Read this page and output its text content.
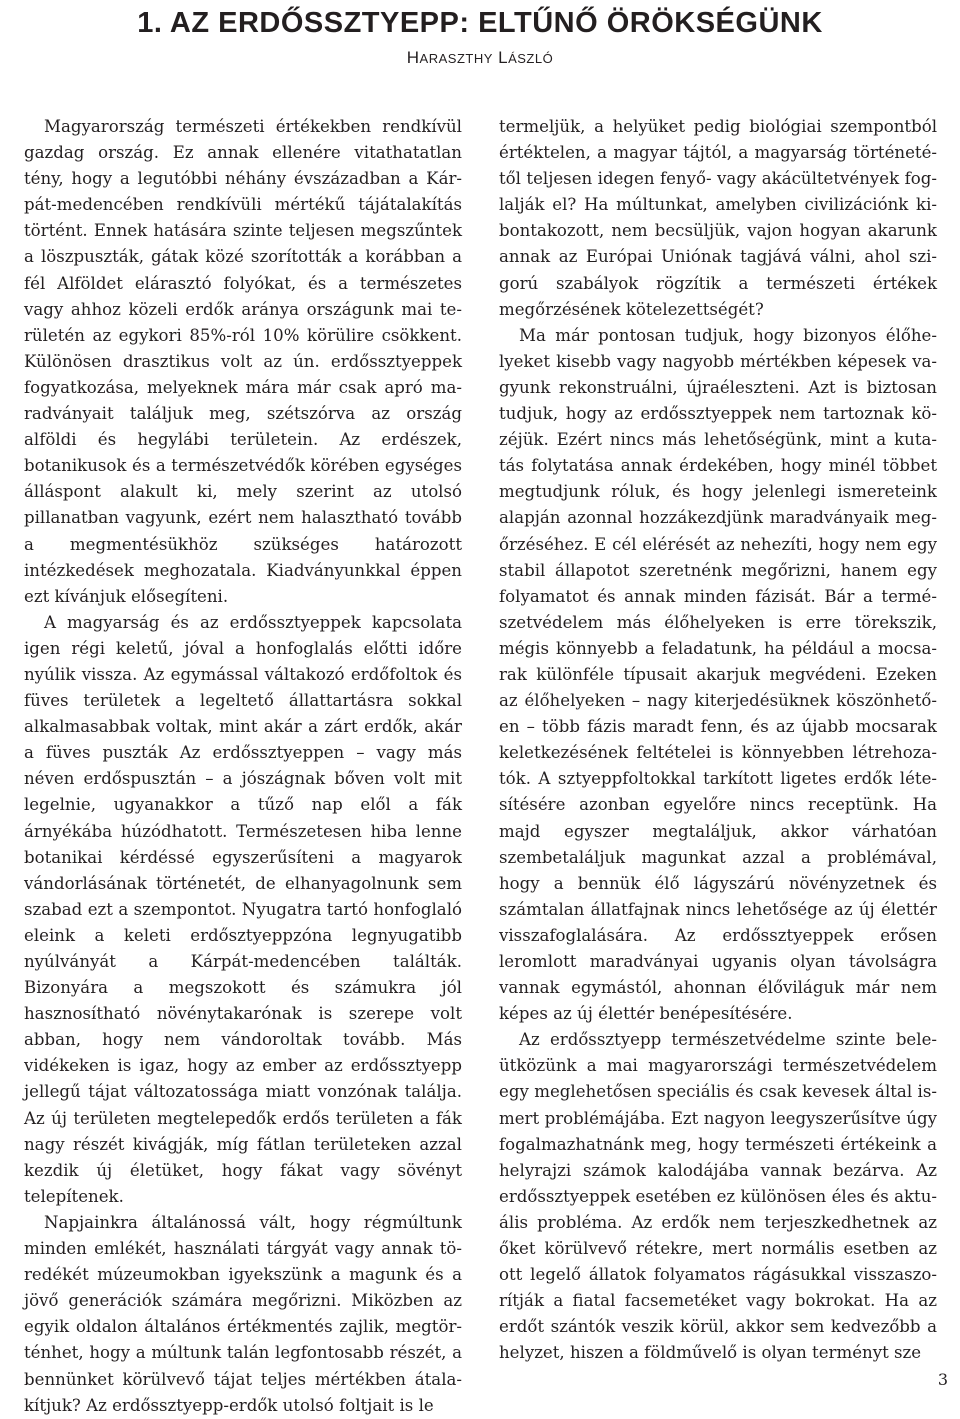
1. AZ ERDŐSSZTYEPP: ELTŰNŐ ÖRÖKSÉGÜNK
HARASZTHY LÁSZLÓ

Magyarország természeti értékekben rendkívül gazdag ország. Ez annak ellenére vitathatatlan tény, hogy a legutóbbi néhány évszázadban a Kárpát-medencében rendkívüli mértékű tájátalakítás történt. Ennek hatására szinte teljesen megszűntek a löszpuszták, gátak közé szorították a korábban a fél Alföldet elárasztó folyókat, és a természetes vagy ahhoz közeli erdők aránya országunk mai területén az egykori 85%-ról 10% körülire csökkent. Különösen drasztikus volt az ún. erdőssztyeppek fogyatkozása, melyeknek mára már csak apró maradványait találjuk meg, szétszórva az ország alföldi és hegylábi területein. Az erdészek, botanikusok és a természetvédők körében egységes álláspont alakult ki, mely szerint az utolsó pillanatban vagyunk, ezért nem halasztható tovább a megmentésükhöz szükséges határozott intézkedések meghozatala. Kiadványunkkal éppen ezt kívánjuk elősegíteni.

A magyarság és az erdőssztyeppek kapcsolata igen régi keletű, jóval a honfoglalás előtti időre nyúlik vissza. Az egymással váltakozó erdőfoltok és füves területek a legeltető állattartásra sokkal alkalmasabbak voltak, mint akár a zárt erdők, akár a füves puszták Az erdőssztyeppen – vagy más néven erdőspusztán – a jószágnak bőven volt mit legelnie, ugyanakkor a tűző nap elől a fák árnyékába húzódhatott. Természetesen hiba lenne botanikai kérdéssé egyszerűsíteni a magyarok vándorlásának történetét, de elhanyagolnunk sem szabad ezt a szempontot. Nyugatra tartó honfoglaló eleink a keleti erdősztyeppzóna legnyugatibb nyúlványát a Kárpát-medencében találták. Bizonyára a megszokott és számukra jól hasznosítható növénytakarónak is szerepe volt abban, hogy nem vándoroltak tovább. Más vidékeken is igaz, hogy az ember az erdőssztyepp jellegű tájat változatossága miatt vonzónak találja. Az új területen megtelepedők erdős területen a fák nagy részét kivágják, míg fátlan területeken azzal kezdik új életüket, hogy fákat vagy sövényt telepítenek.

Napjainkra általánossá vált, hogy régmúltunk minden emlékét, használati tárgyát vagy annak töredékét múzeumokban igyekszünk a magunk és a jövő generációk számára megőrizni. Miközben az egyik oldalon általános értékmentés zajlik, megtörténhet, hogy a múltunk talán legfontosabb részét, a bennünket körülvevő tájat teljes mértékben átalakítjuk? Az erdőssztyepp-erdők utolsó foltjait is le

termeljük, a helyüket pedig biológiai szempontból értéktelen, a magyar tájtól, a magyarság történetétől teljesen idegen fenyő- vagy akácültetvények foglalják el? Ha múltunkat, amelyben civilizációnk kibontakozott, nem becsüljük, vajon hogyan akarunk annak az Európai Uniónak tagjává válni, ahol szigorú szabályok rögzítik a természeti értékek megőrzésének kötelezettségét?

Ma már pontosan tudjuk, hogy bizonyos élőhelyeket kisebb vagy nagyobb mértékben képesek vagyunk rekonstruálni, újraéleszteni. Azt is biztosan tudjuk, hogy az erdőssztyeppek nem tartoznak közéjük. Ezért nincs más lehetőségünk, mint a kutatás folytatása annak érdekében, hogy minél többet megtudjunk róluk, és hogy jelenlegi ismereteink alapján azonnal hozzákezdjünk maradványaik megőrzéséhez. E cél elérését az nehezíti, hogy nem egy stabil állapotot szeretnénk megőrizni, hanem egy folyamatot és annak minden fázisát. Bár a természetvédelem más élőhelyeken is erre törekszik, mégis könnyebb a feladatunk, ha például a mocsarak különféle típusait akarjuk megvédeni. Ezeken az élőhelyeken – nagy kiterjedésüknek köszönhetően – több fázis maradt fenn, és az újabb mocsarak keletkezésének feltételei is könnyebben létrehozatók. A sztyeppfoltokkal tarkított ligetes erdők létesítésére azonban egyelőre nincs receptünk. Ha majd egyszer megtaláljuk, akkor várhatóan szembetaláljuk magunkat azzal a problémával, hogy a bennük élő lágyszárú növényzetnek és számtalan állatfajnak nincs lehetősége az új élettér visszafoglalására. Az erdőssztyeppek erősen leromlott maradványai ugyanis olyan távolságra vannak egymástól, ahonnan élőviláguk már nem képes az új élettér benépesítésére.

Az erdőssztyepp természetvédelme szinte beleütközünk a mai magyarországi természetvédelem egy meglehetősen speciális és csak kevesek által ismert problémájába. Ezt nagyon leegyszerűsítve úgy fogalmazhatnánk meg, hogy természeti értékeink a helyrajzi számok kalodájába vannak bezárva. Az erdőssztyeppek esetében ez különösen éles és aktuális probléma. Az erdők nem terjeszkedhetnek az őket körülvevő rétekre, mert normális esetben az ott legelő állatok folyamatos rágásukkal visszaszorítják a fiatal facsemetéket vagy bokrokat. Ha az erdőt szántók veszik körül, akkor sem kedvezőbb a helyzet, hiszen a földművelő is olyan terményt sze

3
